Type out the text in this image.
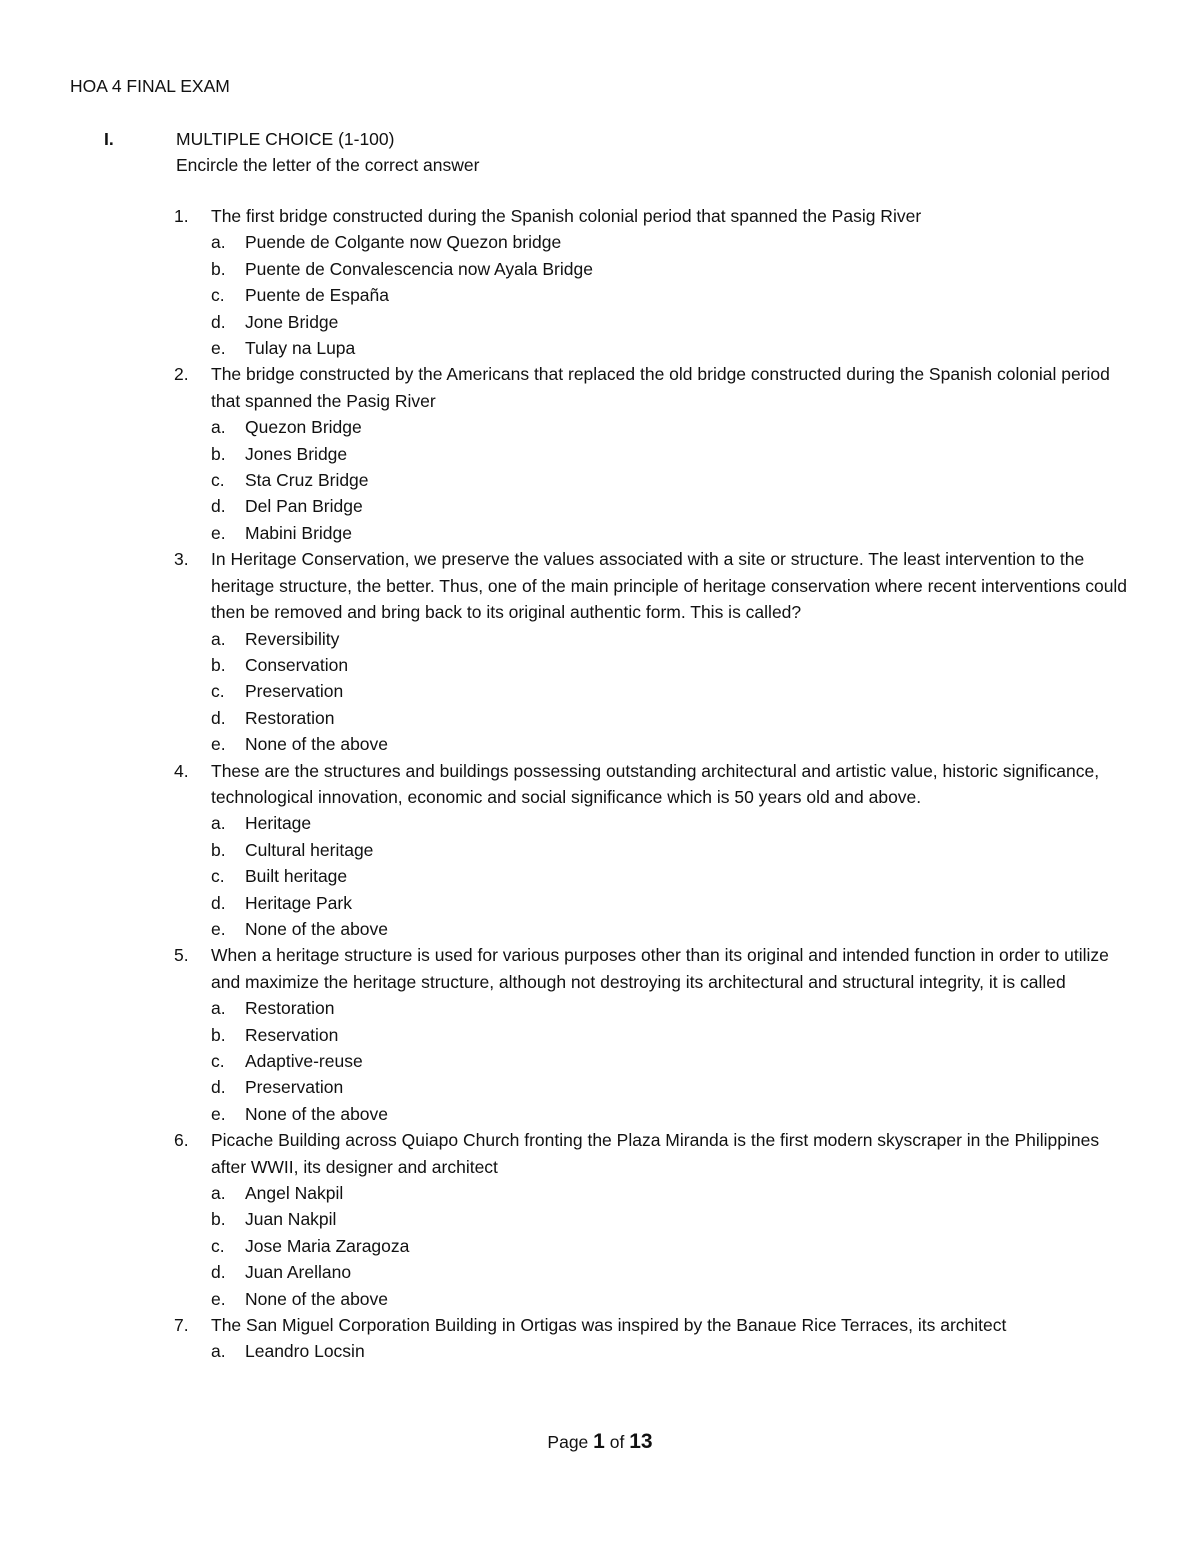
HOA 4 FINAL EXAM
I.	MULTIPLE CHOICE (1-100)
Encircle the letter of the correct answer
1.	The first bridge constructed during the Spanish colonial period that spanned the Pasig River
a.	Puende de Colgante now Quezon bridge
b.	Puente de Convalescencia now Ayala Bridge
c.	Puente de España
d.	Jone Bridge
e.	Tulay na Lupa
2.	The bridge constructed by the Americans that replaced the old bridge constructed during the Spanish colonial period that spanned the Pasig River
a.	Quezon Bridge
b.	Jones Bridge
c.	Sta Cruz Bridge
d.	Del Pan Bridge
e.	Mabini Bridge
3.	In Heritage Conservation, we preserve the values associated with a site or structure. The least intervention to the heritage structure, the better. Thus, one of the main principle of heritage conservation where recent interventions could then be removed and bring back to its original authentic form. This is called?
a.	Reversibility
b.	Conservation
c.	Preservation
d.	Restoration
e.	None of the above
4.	These are the structures and buildings possessing outstanding architectural and artistic value, historic significance, technological innovation, economic and social significance which is 50 years old and above.
a.	Heritage
b.	Cultural heritage
c.	Built heritage
d.	Heritage Park
e.	None of the above
5.	When a heritage structure is used for various purposes other than its original and intended function in order to utilize and maximize the heritage structure, although not destroying its architectural and structural integrity, it is called
a.	Restoration
b.	Reservation
c.	Adaptive-reuse
d.	Preservation
e.	None of the above
6.	Picache Building across Quiapo Church fronting the Plaza Miranda is the first modern skyscraper in the Philippines after WWII, its designer and architect
a.	Angel Nakpil
b.	Juan Nakpil
c.	Jose Maria Zaragoza
d.	Juan Arellano
e.	None of the above
7.	The San Miguel Corporation Building in Ortigas was inspired by the Banaue Rice Terraces, its architect
a.	Leandro Locsin
Page 1 of 13
